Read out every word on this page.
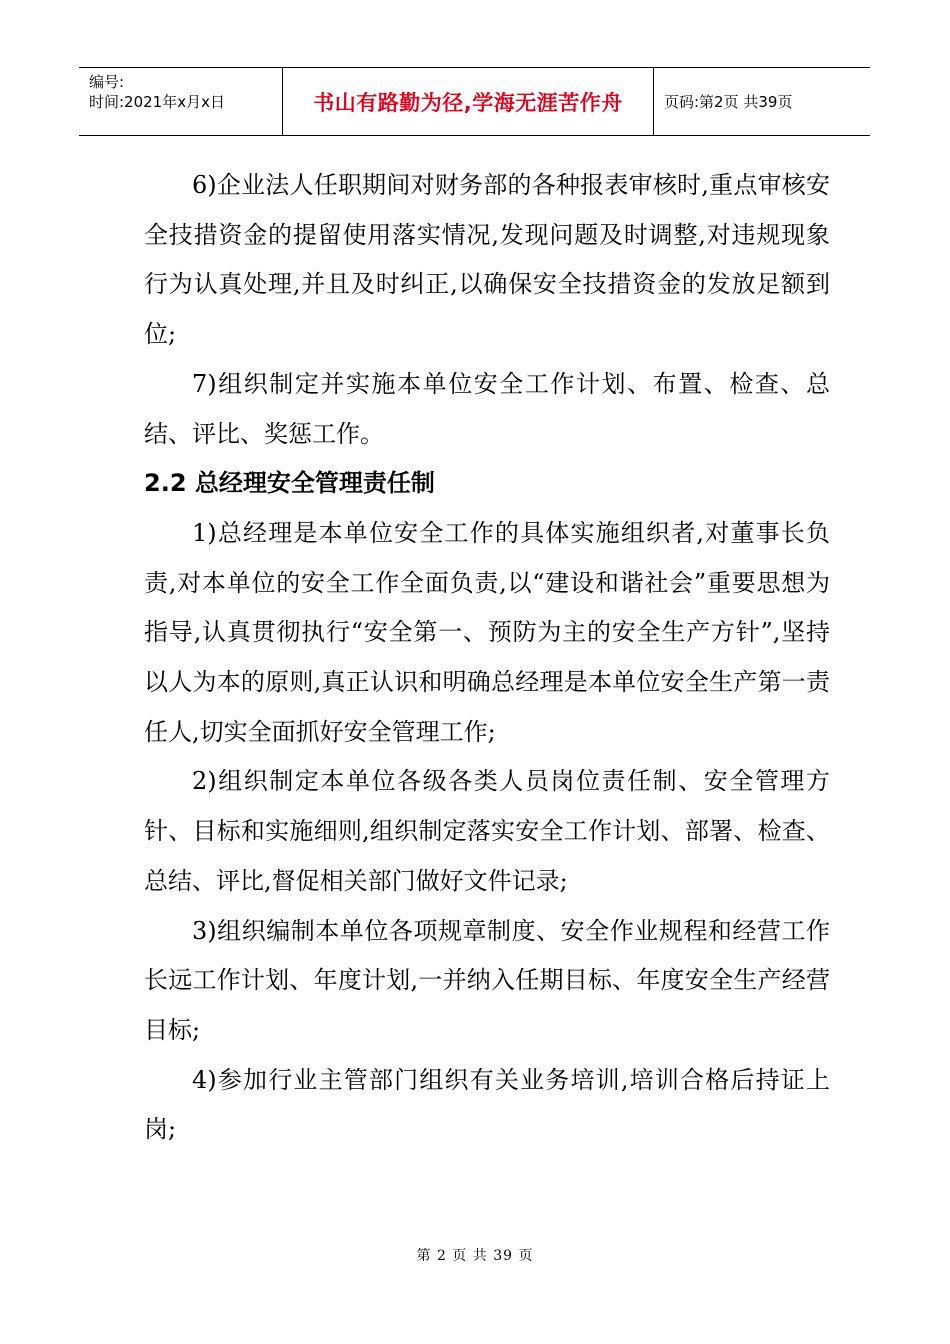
编号:
时间:2021年x月x日	书山有路勤为径,学海无涯苦作舟	页码:第2页 共39页

6)企业法人任职期间对财务部的各种报表审核时,重点审核安全技措资金的提留使用落实情况,发现问题及时调整,对违规现象行为认真处理,并且及时纠正,以确保安全技措资金的发放足额到位;

7)组织制定并实施本单位安全工作计划、布置、检查、总结、评比、奖惩工作。

2.2 总经理安全管理责任制

1)总经理是本单位安全工作的具体实施组织者,对董事长负责,对本单位的安全工作全面负责,以“建设和谐社会”重要思想为指导,认真贯彻执行“安全第一、预防为主的安全生产方针”,坚持以人为本的原则,真正认识和明确总经理是本单位安全生产第一责任人,切实全面抓好安全管理工作;

2)组织制定本单位各级各类人员岗位责任制、安全管理方针、目标和实施细则,组织制定落实安全工作计划、部署、检查、总结、评比,督促相关部门做好文件记录;

3)组织编制本单位各项规章制度、安全作业规程和经营工作长远工作计划、年度计划,一并纳入任期目标、年度安全生产经营目标;

4)参加行业主管部门组织有关业务培训,培训合格后持证上岗;

第 2 页 共 39 页
